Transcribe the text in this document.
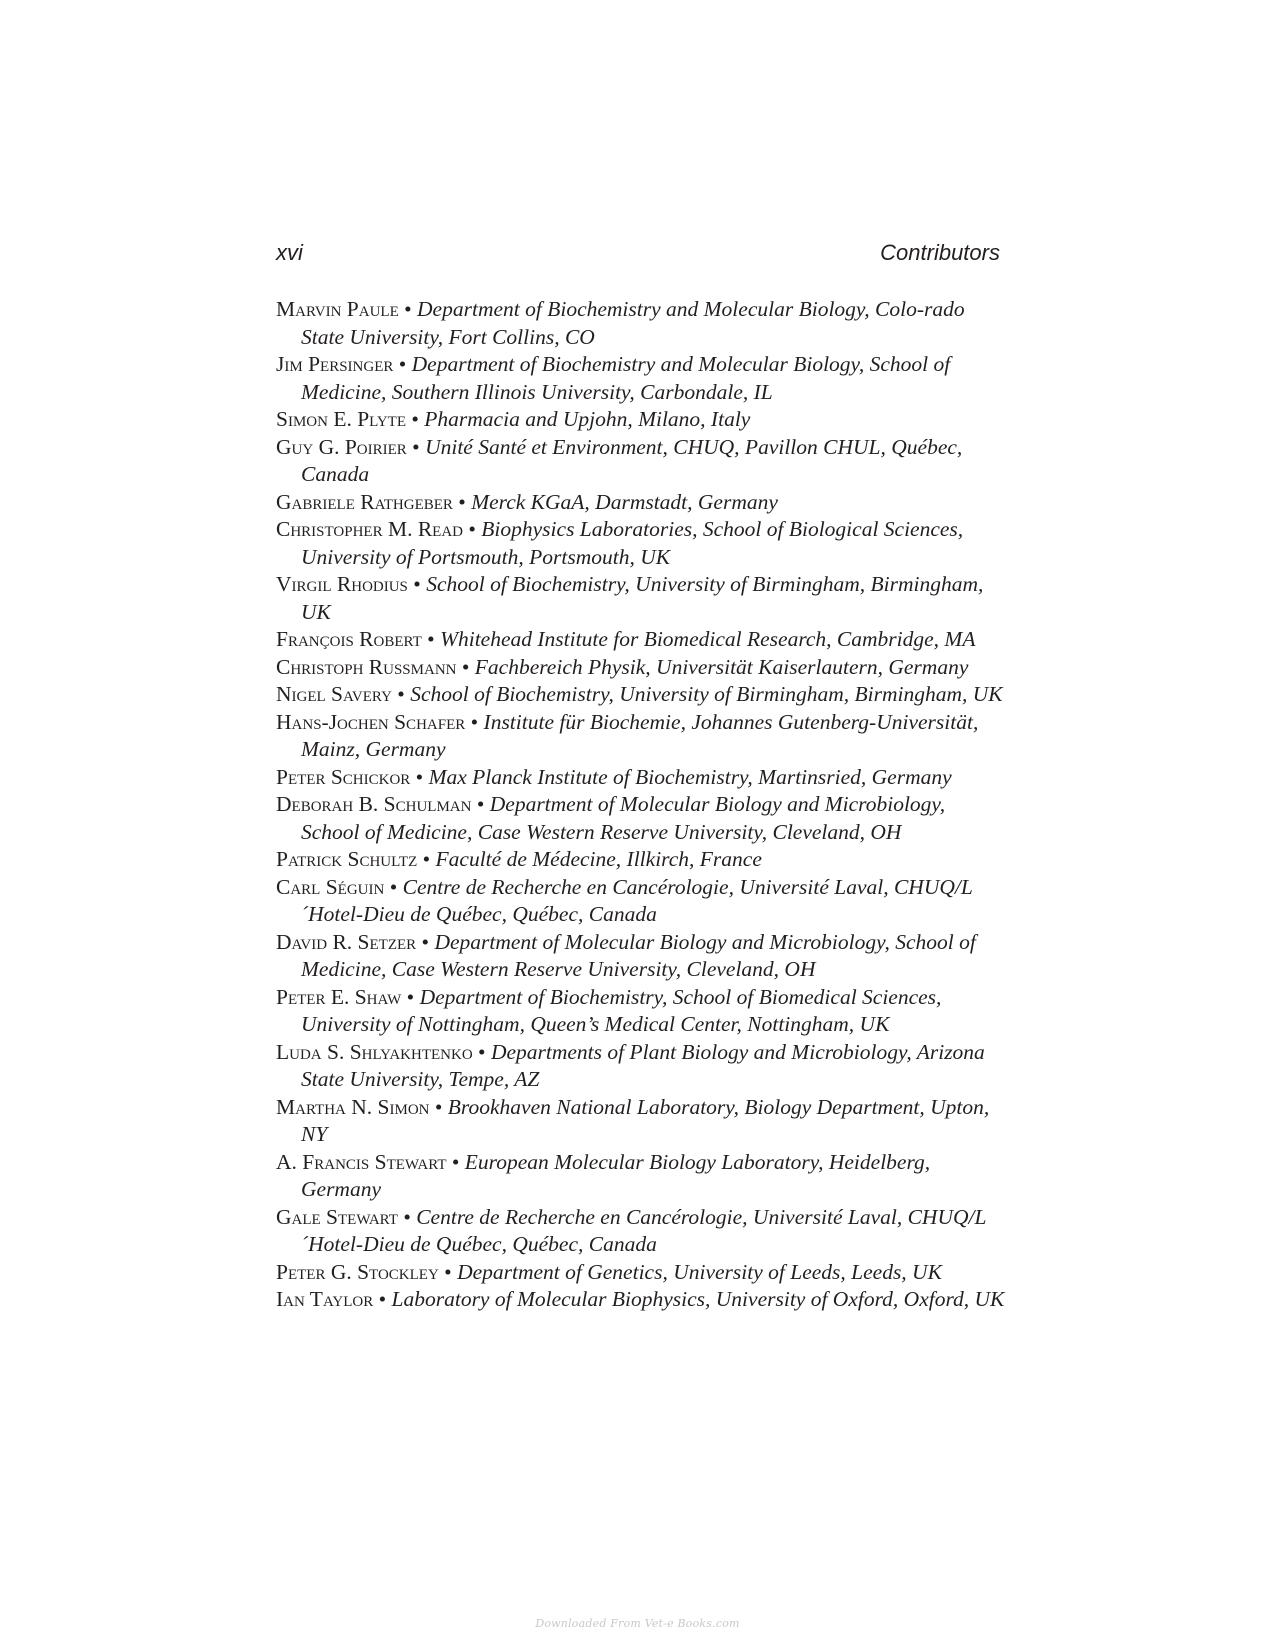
xvi	Contributors
Marvin Paule • Department of Biochemistry and Molecular Biology, Colo-rado State University, Fort Collins, CO
Jim Persinger • Department of Biochemistry and Molecular Biology, School of Medicine, Southern Illinois University, Carbondale, IL
Simon E. Plyte • Pharmacia and Upjohn, Milano, Italy
Guy G. Poirier • Unité Santé et Environment, CHUQ, Pavillon CHUL, Québec, Canada
Gabriele Rathgeber • Merck KGaA, Darmstadt, Germany
Christopher M. Read • Biophysics Laboratories, School of Biological Sciences, University of Portsmouth, Portsmouth, UK
Virgil Rhodius • School of Biochemistry, University of Birmingham, Birmingham, UK
François Robert • Whitehead Institute for Biomedical Research, Cambridge, MA
Christoph Russmann • Fachbereich Physik, Universität Kaiserlautern, Germany
Nigel Savery • School of Biochemistry, University of Birmingham, Birmingham, UK
Hans-Jochen Schafer • Institute für Biochemie, Johannes Gutenberg-Universität, Mainz, Germany
Peter Schickor • Max Planck Institute of Biochemistry, Martinsried, Germany
Deborah B. Schulman • Department of Molecular Biology and Microbiology, School of Medicine, Case Western Reserve University, Cleveland, OH
Patrick Schultz • Faculté de Médecine, Illkirch, France
Carl Séguin • Centre de Recherche en Cancérologie, Université Laval, CHUQ/L´Hotel-Dieu de Québec, Québec, Canada
David R. Setzer • Department of Molecular Biology and Microbiology, School of Medicine, Case Western Reserve University, Cleveland, OH
Peter E. Shaw • Department of Biochemistry, School of Biomedical Sciences, University of Nottingham, Queen’s Medical Center, Nottingham, UK
Luda S. Shlyakhtenko • Departments of Plant Biology and Microbiology, Arizona State University, Tempe, AZ
Martha N. Simon • Brookhaven National Laboratory, Biology Department, Upton, NY
A. Francis Stewart • European Molecular Biology Laboratory, Heidelberg, Germany
Gale Stewart • Centre de Recherche en Cancérologie, Université Laval, CHUQ/L´Hotel-Dieu de Québec, Québec, Canada
Peter G. Stockley • Department of Genetics, University of Leeds, Leeds, UK
Ian Taylor • Laboratory of Molecular Biophysics, University of Oxford, Oxford, UK
Downloaded From Vet-e Books.com
